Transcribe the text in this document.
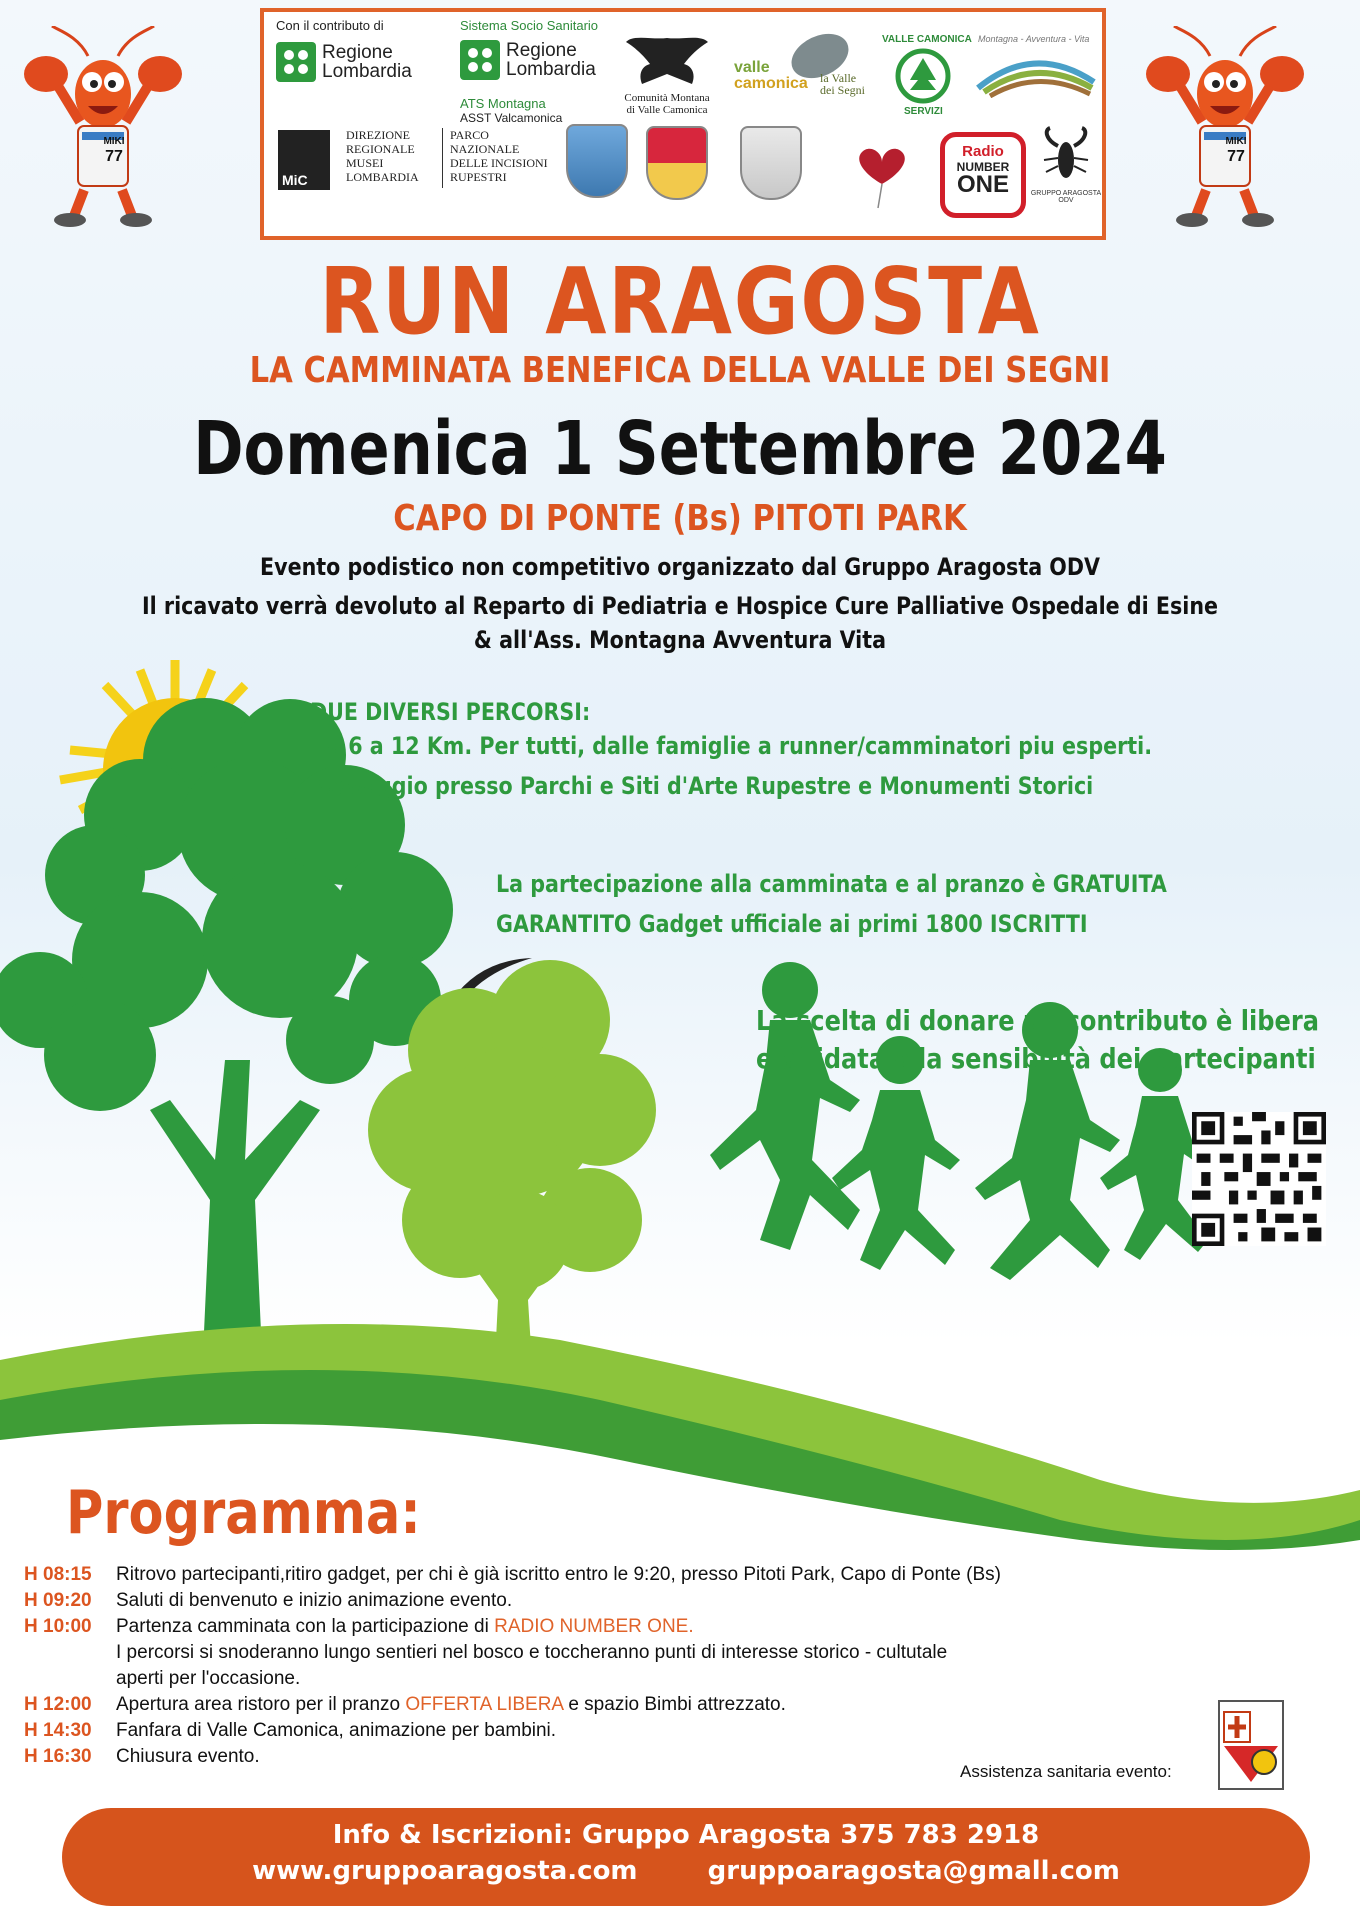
Con il contributo di
Regione
Lombardia
Sistema Socio Sanitario
Regione
Lombardia
ATS Montagna
ASST Valcamonica
Comunità Montana
di Valle Camonica
valle
camonica la Valle
dei Segni
VALLE CAMONICA
SERVIZI
Montagna - Avventura - Vita
MiC
DIREZIONE
REGIONALE
MUSEI
LOMBARDIA
PARCO
NAZIONALE
DELLE INCISIONI
RUPESTRI
Radio
NUMBER
ONE	GRUPPO ARAGOSTA ODV
MIKI
77
MIKI
77
RUN ARAGOSTA
LA CAMMINATA BENEFICA DELLA VALLE DEI SEGNI
Domenica 1 Settembre 2024
CAPO DI PONTE (Bs) PITOTI PARK
Evento podistico non competitivo organizzato dal Gruppo Aragosta ODV
Il ricavato verrà devoluto al Reparto di Pediatria e Hospice Cure Palliative Ospedale di Esine
& all'Ass. Montagna Avventura Vita
DUE DIVERSI PERCORSI:
Da 6 a 12 Km. Per tutti, dalle famiglie a runner/camminatori piu esperti.
Passaggio presso Parchi e Siti d'Arte Rupestre e Monumenti Storici
La partecipazione alla camminata e al pranzo è GRATUITA
GARANTITO Gadget ufficiale ai primi 1800 ISCRITTI
La scelta di donare un contributo è libera
e affidata alla sensibilità dei partecipanti
Programma:
H 08:15	Ritrovo partecipanti,ritiro gadget, per chi è già iscritto entro le 9:20, presso Pitoti Park, Capo di Ponte (Bs)
H 09:20	Saluti di benvenuto e inizio animazione evento.
H 10:00	Partenza camminata con la participazione di RADIO NUMBER ONE.
I percorsi si snoderanno lungo sentieri nel bosco e toccheranno punti di interesse storico - cultutale
aperti per l'occasione.
H 12:00	Apertura area ristoro per il pranzo OFFERTA LIBERA e spazio Bimbi attrezzato.
H 14:30	Fanfara di Valle Camonica, animazione per bambini.
H 16:30	Chiusura evento.
Assistenza sanitaria evento:
Info & Iscrizioni: Gruppo Aragosta 375 783 2918
www.gruppoaragosta.com	gruppoaragosta@gmall.com
